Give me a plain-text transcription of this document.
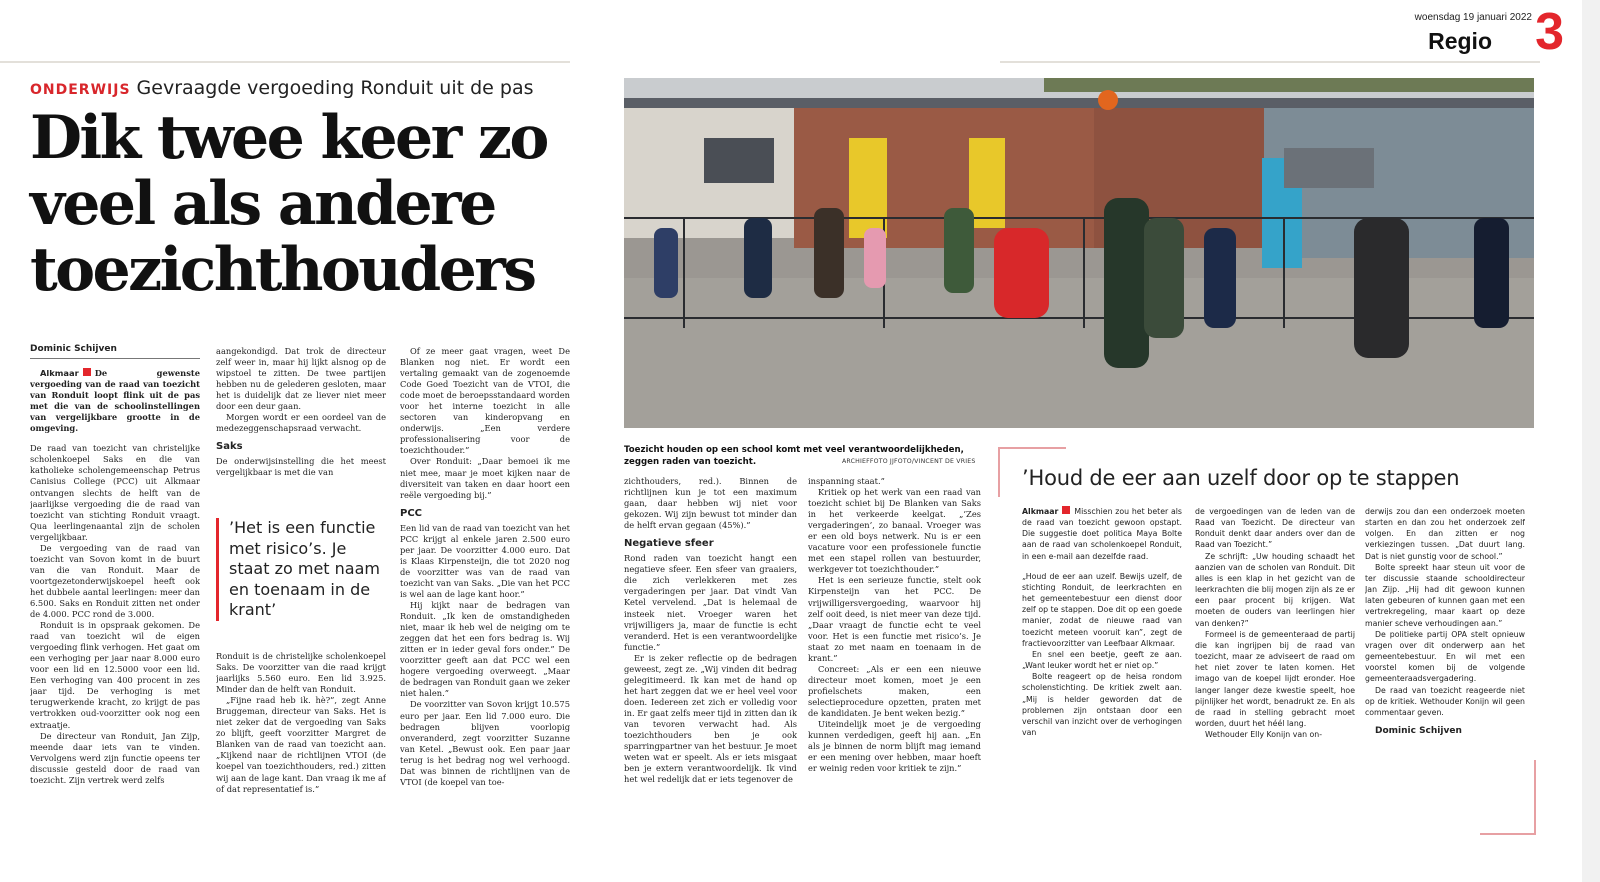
woensdag 19 januari 2022
Regio 3
ONDERWIJS Gevraagde vergoeding Ronduit uit de pas
Dik twee keer zo veel als andere toezichthouders
Dominic Schijven

Alkmaar De gewenste vergoeding van de raad van toezicht van Ronduit loopt flink uit de pas met die van de schoolinstellingen van vergelijkbare grootte in de omgeving.

De raad van toezicht van christelijke scholenkoepel Saks en die van katholieke scholengemeenschap Petrus Canisius College (PCC) uit Alkmaar ontvangen slechts de helft van de jaarlijkse vergoeding die de raad van toezicht van stichting Ronduit vraagt. Qua leerlingenaantal zijn de scholen vergelijkbaar.

De vergoeding van de raad van toezicht van Sovon komt in de buurt van die van Ronduit. Maar de voortgezetonderwijskoepel heeft ook het dubbele aantal leerlingen: meer dan 6.500. Saks en Ronduit zitten net onder de 4.000. PCC rond de 3.000.

Ronduit is in opspraak gekomen. De raad van toezicht wil de eigen vergoeding flink verhogen. Het gaat om een verhoging per jaar naar 8.000 euro voor een lid en 12.5000 voor een lid. Een verhoging van 400 procent in zes jaar tijd. De verhoging is met terugwerkende kracht, zo krijgt de pas vertrokken oud-voorzitter ook nog een extraatje.

De directeur van Ronduit, Jan Zijp, meende daar iets van te vinden. Vervolgens werd zijn functie opeens ter discussie gesteld door de raad van toezicht. Zijn vertrek werd zelfs

aangekondigd. Dat trok de directeur zelf weer in, maar hij lijkt alsnog op de wipstoel te zitten. De twee partijen hebben nu de gelederen gesloten, maar het is duidelijk dat ze liever niet meer door een deur gaan.

Morgen wordt er een oordeel van de medezeggenschapsraad verwacht.

Saks

De onderwijsinstelling die het meest vergelijkbaar is met die van

’Het is een functie met risico’s. Je staat zo met naam en toenaam in de krant’

Ronduit is de christelijke scholenkoepel Saks. De voorzitter van die raad krijgt jaarlijks 5.560 euro. Een lid 3.925. Minder dan de helft van Ronduit.

„Fijne raad heb ik. hè?”, zegt Anne Bruggeman, directeur van Saks. Het is niet zeker dat de vergoeding van Saks zo blijft, geeft voorzitter Margret de Blanken van de raad van toezicht aan. „Kijkend naar de richtlijnen VTOI (de koepel van toezichthouders, red.) zitten wij aan de lage kant. Dan vraag ik me af of dat representatief is.”

Of ze meer gaat vragen, weet De Blanken nog niet. Er wordt een vertaling gemaakt van de zogenoemde Code Goed Toezicht van de VTOI, die code moet de beroepsstandaard worden voor het interne toezicht in alle sectoren van kinderopvang en onderwijs. „Een verdere professionalisering voor de toezichthouder.”

Over Ronduit: „Daar bemoei ik me niet mee, maar je moet kijken naar de diversiteit van taken en daar hoort een reële vergoeding bij.”

PCC

Een lid van de raad van toezicht van het PCC krijgt al enkele jaren 2.500 euro per jaar. De voorzitter 4.000 euro. Dat is Klaas Kirpensteijn, die tot 2020 nog de voorzitter was van de raad van toezicht van van Saks. „Die van het PCC is wel aan de lage kant hoor.”

Hij kijkt naar de bedragen van Ronduit. „Ik ken de omstandigheden niet, maar ik heb wel de neiging om te zeggen dat het een fors bedrag is. Wij zitten er in ieder geval fors onder.” De voorzitter geeft aan dat PCC wel een hogere vergoeding overweegt. „Maar de bedragen van Ronduit gaan we zeker niet halen.”

De voorzitter van Sovon krijgt 10.575 euro per jaar. Een lid 7.000 euro. Die bedragen blijven voorlopig onveranderd, zegt voorzitter Suzanne van Ketel. „Bewust ook. Een paar jaar terug is het bedrag nog wel verhoogd. Dat was binnen de richtlijnen van de VTOI (de koepel van toe-

Toezicht houden op een school komt met veel verantwoordelijkheden, zeggen raden van toezicht.	ARCHIEFFOTO JJFOTO/VINCENT DE VRIES

zichthouders, red.). Binnen de richtlijnen kun je tot een maximum gaan, daar hebben wij niet voor gekozen. Wij zijn bewust tot minder dan de helft ervan gegaan (45%).”

Negatieve sfeer

Rond raden van toezicht hangt een negatieve sfeer. Een sfeer van graaiers, die zich verlekkeren met zes vergaderingen per jaar. Dat vindt Van Ketel vervelend. „Dat is helemaal de insteek niet. Vroeger waren het vrijwilligers ja, maar de functie is echt veranderd. Het is een verantwoordelijke functie.”

Er is zeker reflectie op de bedragen geweest, zegt ze. „Wij vinden dit bedrag gelegitimeerd. Ik kan met de hand op het hart zeggen dat we er heel veel voor doen. Iedereen zet zich er volledig voor in. Er gaat zelfs meer tijd in zitten dan ik van tevoren verwacht had. Als toezichthouders ben je ook sparringpartner van het bestuur. Je moet weten wat er speelt. Als er iets misgaat ben je extern verantwoordelijk. Ik vind het wel redelijk dat er iets tegenover de

inspanning staat.”

Kritiek op het werk van een raad van toezicht schiet bij De Blanken van Saks in het verkeerde keelgat. „’Zes vergaderingen’, zo banaal. Vroeger was er een old boys netwerk. Nu is er een vacature voor een professionele functie met een stapel rollen van bestuurder, werkgever tot toezichthouder.”

Het is een serieuze functie, stelt ook Kirpensteijn van het PCC. De vrijwilligersvergoeding, waarvoor hij zelf ooit deed, is niet meer van deze tijd. „Daar vraagt de functie echt te veel voor. Het is een functie met risico’s. Je staat zo met naam en toenaam in de krant.”

Concreet: „Als er een een nieuwe directeur moet komen, moet je een profielschets maken, een selectieprocedure opzetten, praten met de kandidaten. Je bent weken bezig.”

Uiteindelijk moet je de vergoeding kunnen verdedigen, geeft hij aan. „En als je binnen de norm blijft mag iemand er een mening over hebben, maar hoeft er weinig reden voor kritiek te zijn.”

’Houd de eer aan uzelf door op te stappen

Alkmaar Misschien zou het beter als de raad van toezicht gewoon opstapt. Die suggestie doet politica Maya Bolte aan de raad van scholenkoepel Ronduit, in een e-mail aan dezelfde raad.

„Houd de eer aan uzelf. Bewijs uzelf, de stichting Ronduit, de leerkrachten en het gemeentebestuur een dienst door zelf op te stappen. Doe dit op een goede manier, zodat de nieuwe raad van toezicht meteen vooruit kan”, zegt de fractievoorzitter van Leefbaar Alkmaar.

En snel een beetje, geeft ze aan. „Want leuker wordt het er niet op.”

Bolte reageert op de heisa rondom scholenstichting. De kritiek zwelt aan. „Mij is helder geworden dat de problemen zijn ontstaan door een verschil van inzicht over de verhogingen van

de vergoedingen van de leden van de Raad van Toezicht. De directeur van Ronduit denkt daar anders over dan de Raad van Toezicht.”

Ze schrijft: „Uw houding schaadt het aanzien van de scholen van Ronduit. Dit alles is een klap in het gezicht van de leerkrachten die blij mogen zijn als ze er een paar procent bij krijgen. Wat moeten de ouders van leerlingen hier van denken?”

Formeel is de gemeenteraad de partij die kan ingrijpen bij de raad van toezicht, maar ze adviseert de raad om het niet zover te laten komen. Het imago van de koepel lijdt eronder. Hoe langer langer deze kwestie speelt, hoe pijnlijker het wordt, benadrukt ze. En als de raad in stelling gebracht moet worden, duurt het héél lang.

Wethouder Elly Konijn van on-

derwijs zou dan een onderzoek moeten starten en dan zou het onderzoek zelf volgen. En dan zitten er nog verkiezingen tussen. „Dat duurt lang. Dat is niet gunstig voor de school.”

Bolte spreekt haar steun uit voor de ter discussie staande schooldirecteur Jan Zijp. „Hij had dit gewoon kunnen laten gebeuren of kunnen gaan met een vertrekregeling, maar kaart op deze manier scheve verhoudingen aan.”

De politieke partij OPA stelt opnieuw vragen over dit onderwerp aan het gemeentebestuur. En wil met een voorstel komen bij de volgende gemeenteraadsvergadering.

De raad van toezicht reageerde niet op de kritiek. Wethouder Konijn wil geen commentaar geven.

Dominic Schijven
